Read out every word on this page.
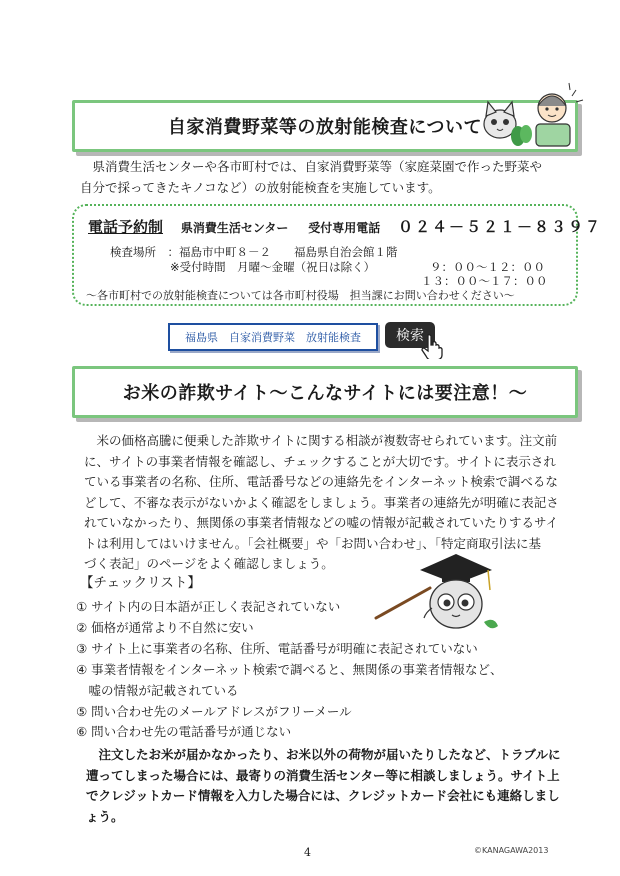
自家消費野菜等の放射能検査について
県消費生活センターや各市町村では、自家消費野菜等（家庭菜園で作った野菜や
自分で採ってきたキノコなど）の放射能検査を実施しています。
電話予約制 県消費生活センター 受付専用電話 ０２４－５２１－８３９７
検査場所　：福島市中町８－２　　福島県自治会館１階
※受付時間　月曜～金曜（祝日は除く）	９：００～１２：００
１３：００～１７：００
～各市町村での放射能検査については各市町村役場　担当課にお問い合わせください～
福島県　自家消費野菜　放射能検査	検索
お米の詐欺サイト～こんなサイトには要注意！～
米の価格高騰に便乗した詐欺サイトに関する相談が複数寄せられています。注文前
に、サイトの事業者情報を確認し、チェックすることが大切です。サイトに表示され
ている事業者の名称、住所、電話番号などの連絡先をインターネット検索で調べるな
どして、不審な表示がないかよく確認をしましょう。事業者の連絡先が明確に表記さ
れていなかったり、無関係の事業者情報などの嘘の情報が記載されていたりするサイ
トは利用してはいけません。「会社概要」や「お問い合わせ」、「特定商取引法に基
づく表記」のページをよく確認しましょう。
【チェックリスト】
① サイト内の日本語が正しく表記されていない
② 価格が通常より不自然に安い
③ サイト上に事業者の名称、住所、電話番号が明確に表記されていない
④ 事業者情報をインターネット検索で調べると、無関係の事業者情報など、
　嘘の情報が記載されている
⑤ 問い合わせ先のメールアドレスがフリーメール
⑥ 問い合わせ先の電話番号が通じない
注文したお米が届かなかったり、お米以外の荷物が届いたりしたなど、トラブルに
遭ってしまった場合には、最寄りの消費生活センター等に相談しましょう。サイト上
でクレジットカード情報を入力した場合には、クレジットカード会社にも連絡しまし
ょう。
4	©KANAGAWA2013
